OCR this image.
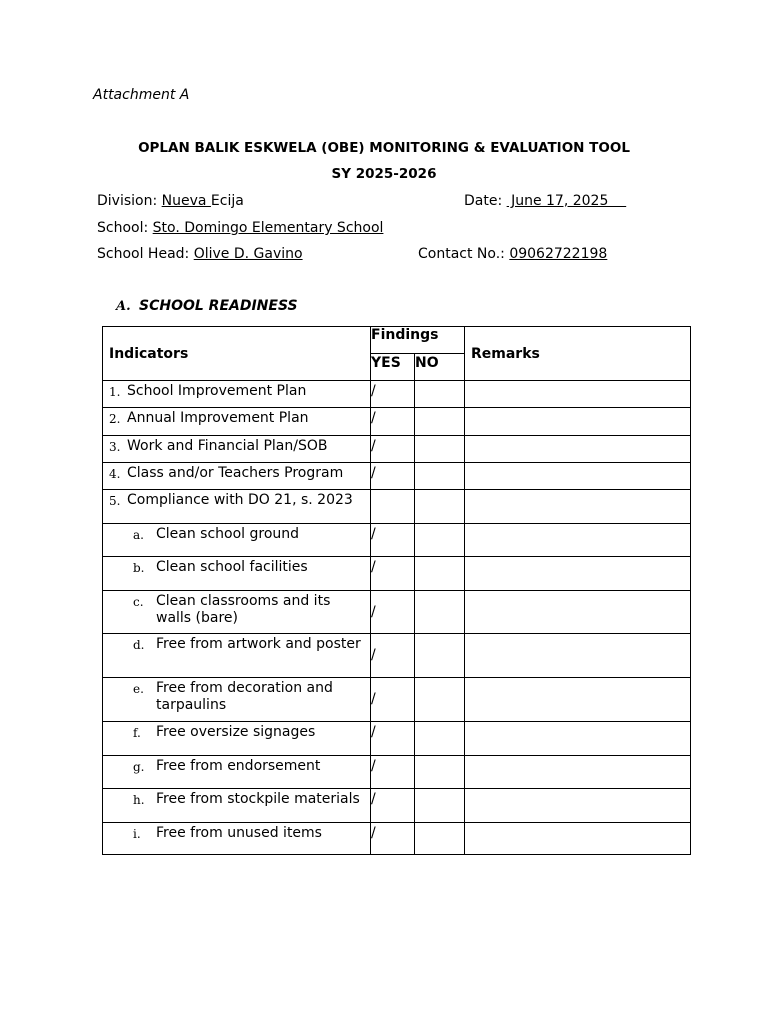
Attachment A
OPLAN BALIK ESKWELA (OBE) MONITORING & EVALUATION TOOL
SY 2025-2026
Division: Nueva Ecija	Date:  June 17, 2025
School: Sto. Domingo Elementary School
School Head: Olive D. Gavino	Contact No.: 09062722198
A. SCHOOL READINESS
Indicators	Findings		Remarks
	YES	NO	

1. School Improvement Plan	/		

2. Annual Improvement Plan	/		

3. Work and Financial Plan/SOB	/		

4. Class and/or Teachers Program	/		

5. Compliance with DO 21, s. 2023			

a. Clean school ground	/		

b. Clean school facilities	/		

c. Clean classrooms and its walls (bare)	/		

d. Free from artwork and poster	/		

e. Free from decoration and tarpaulins	/		

f. Free oversize signages	/		

g. Free from endorsement	/		

h. Free from stockpile materials	/		

i. Free from unused items	/		
